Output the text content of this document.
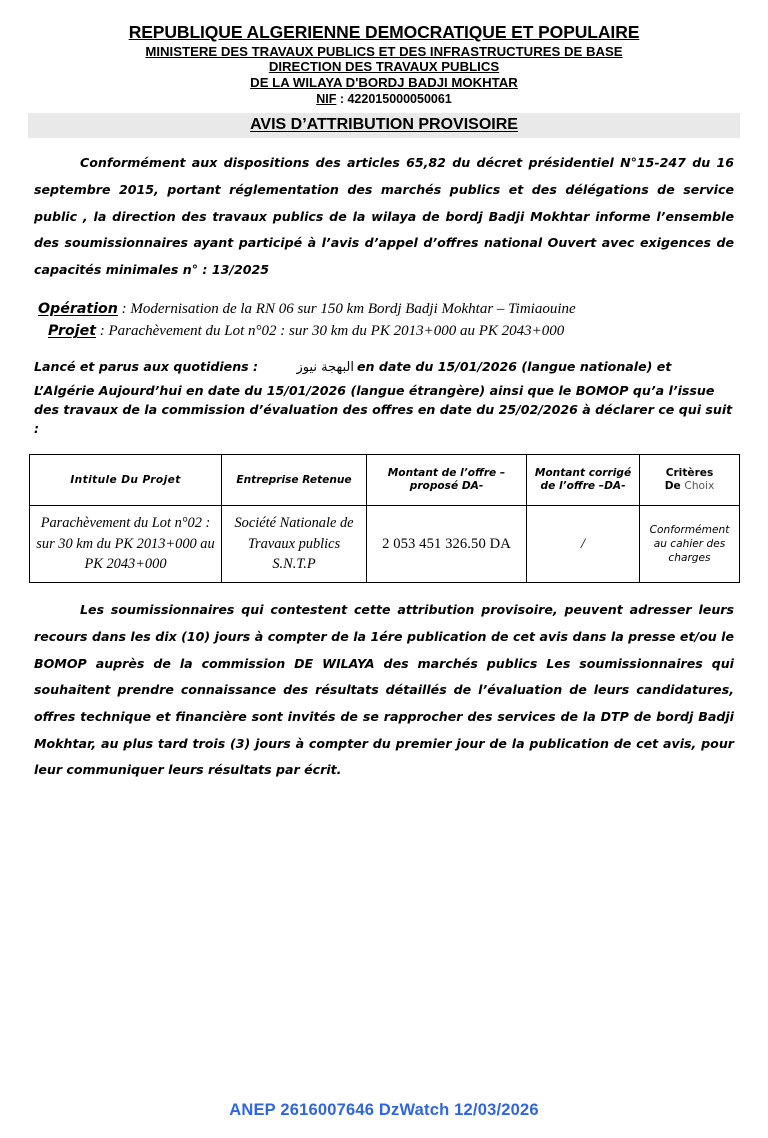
REPUBLIQUE ALGERIENNE DEMOCRATIQUE ET POPULAIRE
MINISTERE DES TRAVAUX PUBLICS ET DES INFRASTRUCTURES DE BASE
DIRECTION DES TRAVAUX PUBLICS
DE LA WILAYA D'BORDJ BADJI MOKHTAR
NIF : 422015000050061
AVIS D’ATTRIBUTION PROVISOIRE
Conformément aux dispositions des articles 65,82 du décret présidentiel N°15-247 du 16 septembre 2015, portant réglementation des marchés publics et des délégations de service public , la direction des travaux publics de la wilaya de bordj Badji Mokhtar informe l’ensemble des soumissionnaires ayant participé à l’avis d’appel d’offres national Ouvert avec exigences de capacités minimales n° : 13/2025
Opération : Modernisation de la RN 06 sur 150 km Bordj Badji Mokhtar – Timiaouine
Projet : Parachèvement du Lot n°02 : sur 30 km du PK 2013+000 au PK 2043+000
Lancé et parus aux quotidiens :	البهجة نيوز en date du 15/01/2026 (langue nationale) et
L’Algérie Aujourd’hui en date du 15/01/2026 (langue étrangère) ainsi que le BOMOP qu’a l’issue des travaux de la commission d’évaluation des offres en date du 25/02/2026 à déclarer ce qui suit :
Intitule Du Projet	Entreprise Retenue	Montant de l’offre – proposé DA-	Montant corrigé de l’offre –DA-	Critères
De Choix
Parachèvement du Lot n°02 : sur 30 km du PK 2013+000 au PK 2043+000	Société Nationale de Travaux publics S.N.T.P	2 053 451 326.50 DA	/	Conformément au cahier des charges
Les soumissionnaires qui contestent cette attribution provisoire, peuvent adresser leurs recours dans les dix (10) jours à compter de la 1ére publication de cet avis dans la presse et/ou le BOMOP auprès de la commission DE WILAYA des marchés publics Les soumissionnaires qui souhaitent prendre connaissance des résultats détaillés de l’évaluation de leurs candidatures, offres technique et financière sont invités de se rapprocher des services de la DTP de bordj Badji Mokhtar, au plus tard trois (3) jours à compter du premier jour de la publication de cet avis, pour leur communiquer leurs résultats par écrit.
ANEP 2616007646 DzWatch 12/03/2026
